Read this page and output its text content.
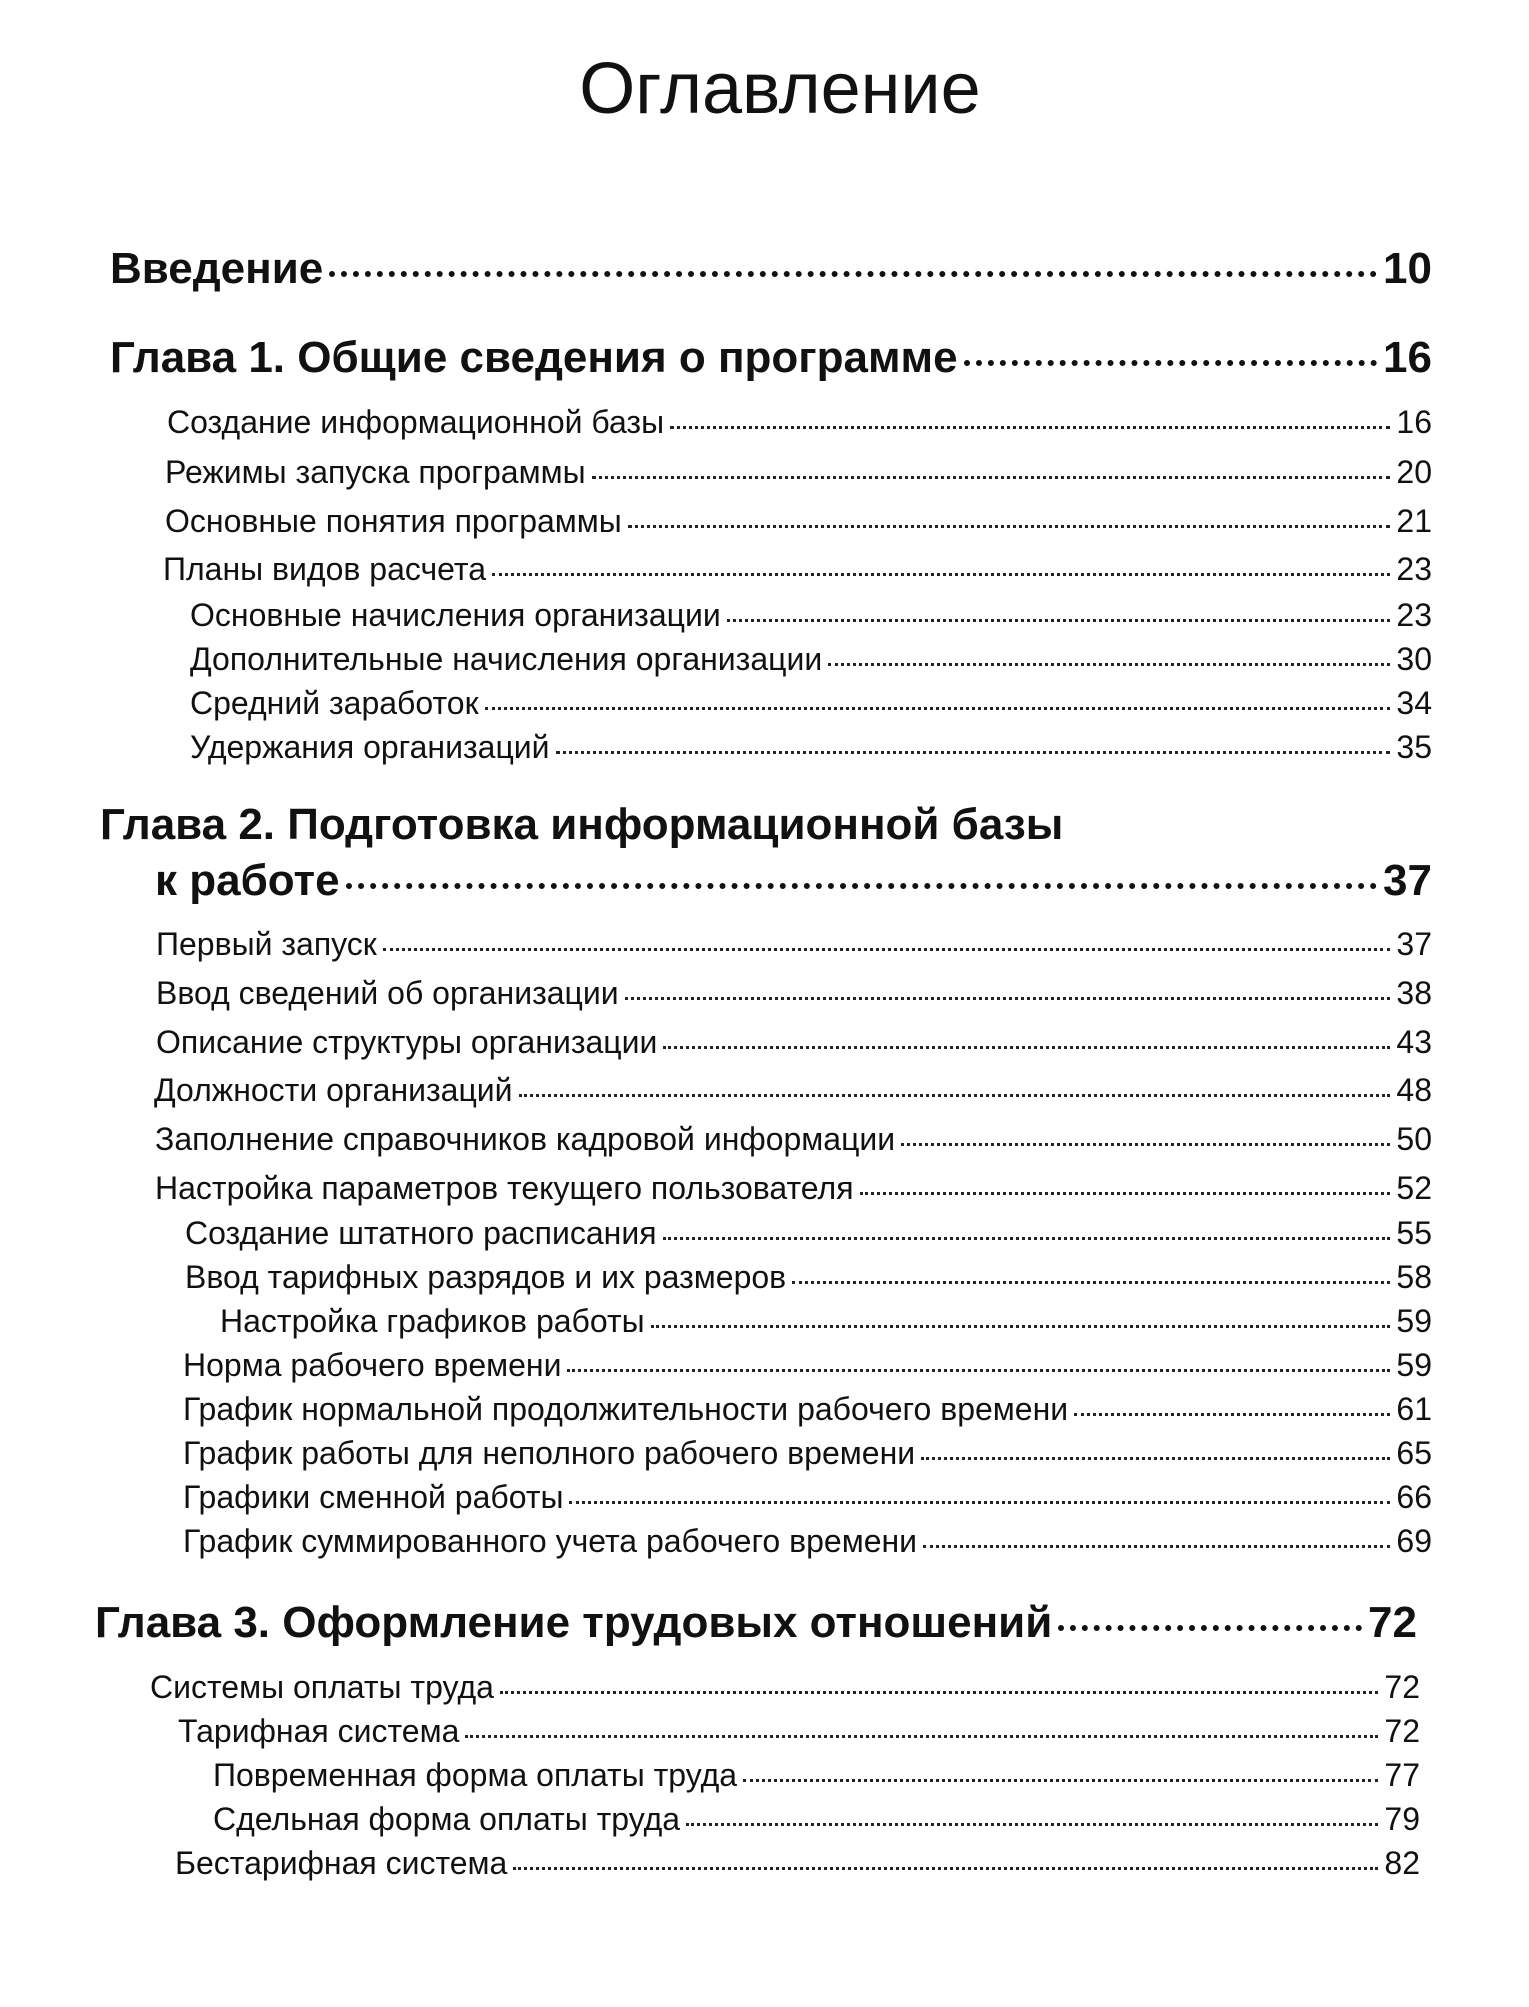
Оглавление
Введение	10
Глава 1. Общие сведения о программе	16
Создание информационной базы	16
Режимы запуска программы	20
Основные понятия программы	21
Планы видов расчета	23
Основные начисления организации	23
Дополнительные начисления организации	30
Средний заработок	34
Удержания организаций	35
Глава 2. Подготовка информационной базы
к работе	37
Первый запуск	37
Ввод сведений об организации	38
Описание структуры организации	43
Должности организаций	48
Заполнение справочников кадровой информации	50
Настройка параметров текущего пользователя	52
Создание штатного расписания	55
Ввод тарифных разрядов и их размеров	58
Настройка графиков работы	59
Норма рабочего времени	59
График нормальной продолжительности рабочего времени	61
График работы для неполного рабочего времени	65
Графики сменной работы	66
График суммированного учета рабочего времени	69
Глава 3. Оформление трудовых отношений	72
Системы оплаты труда	72
Тарифная система	72
Повременная форма оплаты труда	77
Сдельная форма оплаты труда	79
Бестарифная система	82
